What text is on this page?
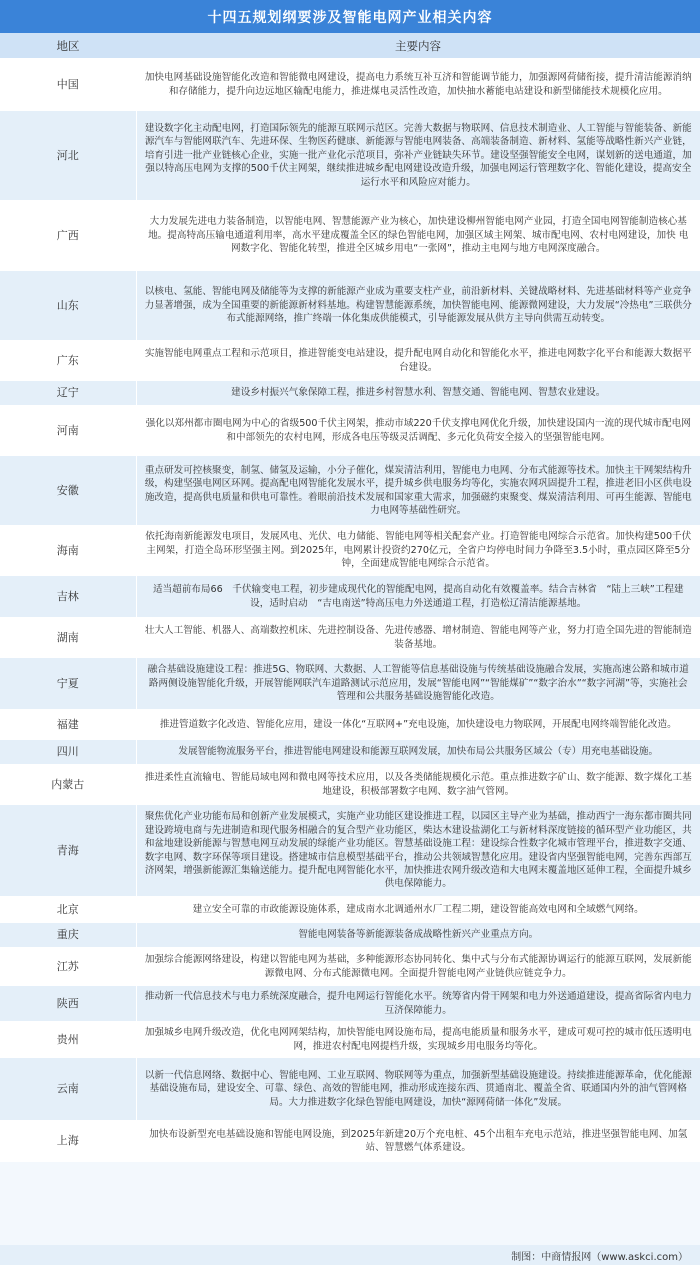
十四五规划纲要涉及智能电网产业相关内容
地区	主要内容
中国	加快电网基础设施智能化改造和智能微电网建设，提高电力系统互补互济和智能调节能力，加强源网荷储衔接，提升清洁能源消纳和存储能力，提升向边远地区输配电能力，推进煤电灵活性改造，加快抽水蓄能电站建设和新型储能技术规模化应用。
河北	建设数字化主动配电网，打造国际领先的能源互联网示范区。完善大数据与物联网、信息技术制造业、人工智能与智能装备、新能源汽车与智能网联汽车、先进环保、生物医药健康、新能源与智能电网装备、高端装备制造、新材料、氢能等战略性新兴产业链，培育引进一批产业链核心企业，实施一批产业化示范项目，弥补产业链缺失环节。建设坚强智能安全电网，谋划新的送电通道，加强以特高压电网为支撑的500千伏主网架，继续推进城乡配电网建设改造升级，加强电网运行管理数字化、智能化建设，提高安全运行水平和风险应对能力。
广西	大力发展先进电力装备制造，以智能电网、智慧能源产业为核心，加快建设柳州智能电网产业园，打造全国电网智能制造核心基地。提高特高压输电通道利用率，高水平建成覆盖全区的绿色智能电网，加强区域主网架、城市配电网、农村电网建设，加快 电网数字化、智能化转型，推进全区城乡用电“一张网”，推动主电网与地方电网深度融合。
山东	以核电、氢能、智能电网及储能等为支撑的新能源产业成为重要支柱产业，前沿新材料、关键战略材料、先进基础材料等产业竞争力显著增强，成为全国重要的新能源新材料基地。构建智慧能源系统，加快智能电网、能源微网建设，大力发展“冷热电”三联供分布式能源网络，推广终端一体化集成供能模式，引导能源发展从供方主导向供需互动转变。
广东	实施智能电网重点工程和示范项目，推进智能变电站建设，提升配电网自动化和智能化水平，推进电网数字化平台和能源大数据平台建设。
辽宁	建设乡村振兴气象保障工程，推进乡村智慧水利、智慧交通、智能电网、智慧农业建设。
河南	强化以郑州都市圈电网为中心的省级500千伏主网架，推动市域220千伏支撑电网优化升级，加快建设国内一流的现代城市配电网和中部领先的农村电网，形成各电压等级灵活调配、多元化负荷安全接入的坚强智能电网。
安徽	重点研发可控核聚变，制氢、储氢及运输，小分子催化，煤炭清洁利用，智能电力电网、分布式能源等技术。加快主干网架结构升级，构建坚强电网区环网。提高配电网智能化发展水平，提升城乡供电服务均等化，实施农网巩固提升工程，推进老旧小区供电设施改造，提高供电质量和供电可靠性。着眼前沿技术发展和国家重大需求，加强磁约束聚变、煤炭清洁利用、可再生能源、智能电力电网等基础性研究。
海南	依托海南新能源发电项目，发展风电、光伏、电力储能、智能电网等相关配套产业。打造智能电网综合示范省。加快构建500千伏主网架，打造全岛环形坚强主网。到2025年，电网累计投资约270亿元，全省户均停电时间力争降至3.5小时，重点园区降至5分钟，全面建成智能电网综合示范省。
吉林	适当超前布局66　千伏输变电工程，初步建成现代化的智能配电网，提高自动化有效覆盖率。结合吉林省　“陆上三峡”工程建设，适时启动　“吉电南送”特高压电力外送通道工程，打造松辽清洁能源基地。
湖南	壮大人工智能、机器人、高端数控机床、先进控制设备、先进传感器、增材制造、智能电网等产业，努力打造全国先进的智能制造装备基地。
宁夏	融合基础设施建设工程：推进5G、物联网、大数据、人工智能等信息基础设施与传统基础设施融合发展，实施高速公路和城市道路两侧设施智能化升级，开展智能网联汽车道路测试示范应用，发展“智能电网”“智能煤矿”“数字治水”“数字河湖”等，实施社会管理和公共服务基础设施智能化改造。
福建	推进管道数字化改造、智能化应用，建设一体化“互联网+”充电设施，加快建设电力物联网，开展配电网终端智能化改造。
四川	发展智能物流服务平台，推进智能电网建设和能源互联网发展，加快布局公共服务区域公（专）用充电基础设施。
内蒙古	推进柔性直流输电、智能局域电网和微电网等技术应用，以及各类储能规模化示范。重点推进数字矿山、数字能源、数字煤化工基地建设，积极部署数字电网、数字油气管网。
青海	聚焦优化产业功能布局和创新产业发展模式，实施产业功能区建设推进工程，以园区主导产业为基础，推动西宁一海东都市圈共同建设跨境电商与先进制造和现代服务相融合的复合型产业功能区，柴达木建设盐湖化工与新材料深度链接的循环型产业功能区，共和盆地建设新能源与智慧电网互动发展的绿能产业功能区。智慧基础设施工程：建设综合性数字化城市管理平台，推进数字交通、数字电网、数字环保等项目建设。搭建城市信息模型基础平台，推动公共领域智慧化应用。建设省内坚强智能电网，完善东西部互济网架，增强新能源汇集输送能力。提升配电网智能化水平，加快推进农网升级改造和大电网末覆盖地区延伸工程，全面提升城乡供电保障能力。
北京	建立安全可靠的市政能源设施体系，建成南水北调通州水厂工程二期，建设智能高效电网和全域燃气网络。
重庆	智能电网装备等新能源装备成战略性新兴产业重点方向。
江苏	加强综合能源网络建设，构建以智能电网为基础，多种能源形态协同转化、集中式与分布式能源协调运行的能源互联网，发展新能源微电网、分布式能源微电网。全面提升智能电网产业链供应链竞争力。
陕西	推动新一代信息技术与电力系统深度融合，提升电网运行智能化水平。统筹省内骨干网架和电力外送通道建设，提高省际省内电力互济保障能力。
贵州	加强城乡电网升级改造，优化电网网架结构，加快智能电网设施布局，提高电能质量和服务水平，建成可观可控的城市低压透明电网，推进农村配电网提档升级，实现城乡用电服务均等化。
云南	以新一代信息网络、数据中心、智能电网、工业互联网、物联网等为重点，加强新型基础设施建设。持续推进能源革命，优化能源基础设施布局，建设安全、可靠、绿色、高效的智能电网，推动形成连接东西、贯通南北、覆盖全省、联通国内外的油气管网格局。大力推进数字化绿色智能电网建设，加快“源网荷储一体化”发展。
上海	加快布设新型充电基础设施和智能电网设施，到2025年新建20万个充电桩、45个出租车充电示范站，推进坚强智能电网、加氢站、智慧燃气体系建设。
制图：中商情报网（www.askci.com）
